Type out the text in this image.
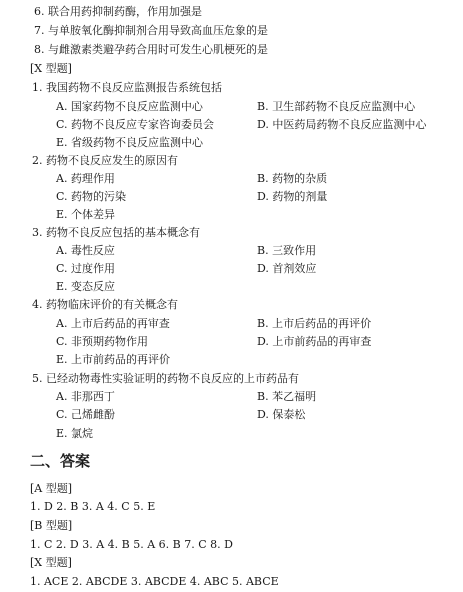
6. 联合用药抑制药酶，作用加强是
7. 与单胺氧化酶抑制剂合用导致高血压危象的是
8. 与雌激素类避孕药合用时可发生心肌梗死的是
[X 型题]
1. 我国药物不良反应监测报告系统包括
A. 国家药物不良反应监测中心	B. 卫生部药物不良反应监测中心
C. 药物不良反应专家咨询委员会	D. 中医药局药物不良反应监测中心
E. 省级药物不良反应监测中心
2. 药物不良反应发生的原因有
A. 药理作用	B. 药物的杂质
C. 药物的污染	D. 药物的剂量
E. 个体差异
3. 药物不良反应包括的基本概念有
A. 毒性反应	B. 三致作用
C. 过度作用	D. 首剂效应
E. 变态反应
4. 药物临床评价的有关概念有
A. 上市后药品的再审查	B. 上市后药品的再评价
C. 非预期药物作用	D. 上市前药品的再审查
E. 上市前药品的再评价
5. 已经动物毒性实验证明的药物不良反应的上市药品有
A. 非那西丁	B. 苯乙福明
C. 己烯雌酚	D. 保泰松
E. 氯烷
二、答案
[A 型题]
1. D 2. B 3. A 4. C 5. E
[B 型题]
1. C 2. D 3. A 4. B 5. A 6. B 7. C 8. D
[X 型题]
1. ACE 2. ABCDE 3. ABCDE 4. ABC 5. ABCE
